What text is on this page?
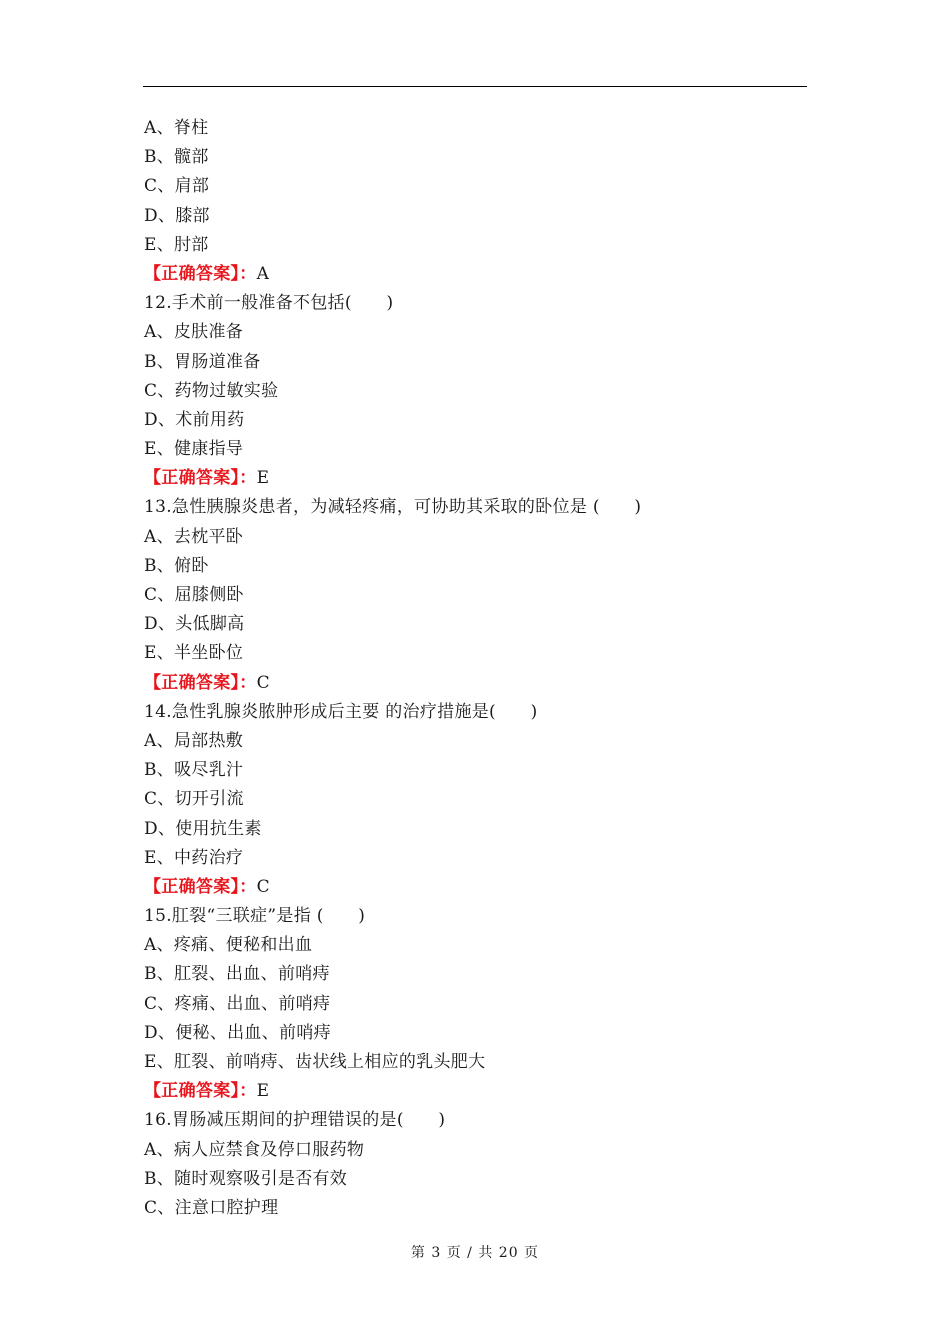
A、脊柱
B、髋部
C、肩部
D、膝部
E、肘部
【正确答案】：A
12.手术前一般准备不包括(　　)
A、皮肤准备
B、胃肠道准备
C、药物过敏实验
D、术前用药
E、健康指导
【正确答案】：E
13.急性胰腺炎患者，为减轻疼痛，可协助其采取的卧位是 (　　)
A、去枕平卧
B、俯卧
C、屈膝侧卧
D、头低脚高
E、半坐卧位
【正确答案】：C
14.急性乳腺炎脓肿形成后主要 的治疗措施是(　　)
A、局部热敷
B、吸尽乳汁
C、切开引流
D、使用抗生素
E、中药治疗
【正确答案】：C
15.肛裂“三联症”是指 (　　)
A、疼痛、便秘和出血
B、肛裂、出血、前哨痔
C、疼痛、出血、前哨痔
D、便秘、出血、前哨痔
E、肛裂、前哨痔、齿状线上相应的乳头肥大
【正确答案】：E
16.胃肠减压期间的护理错误的是(　　)
A、病人应禁食及停口服药物
B、随时观察吸引是否有效
C、注意口腔护理
第 3 页 / 共 20 页
